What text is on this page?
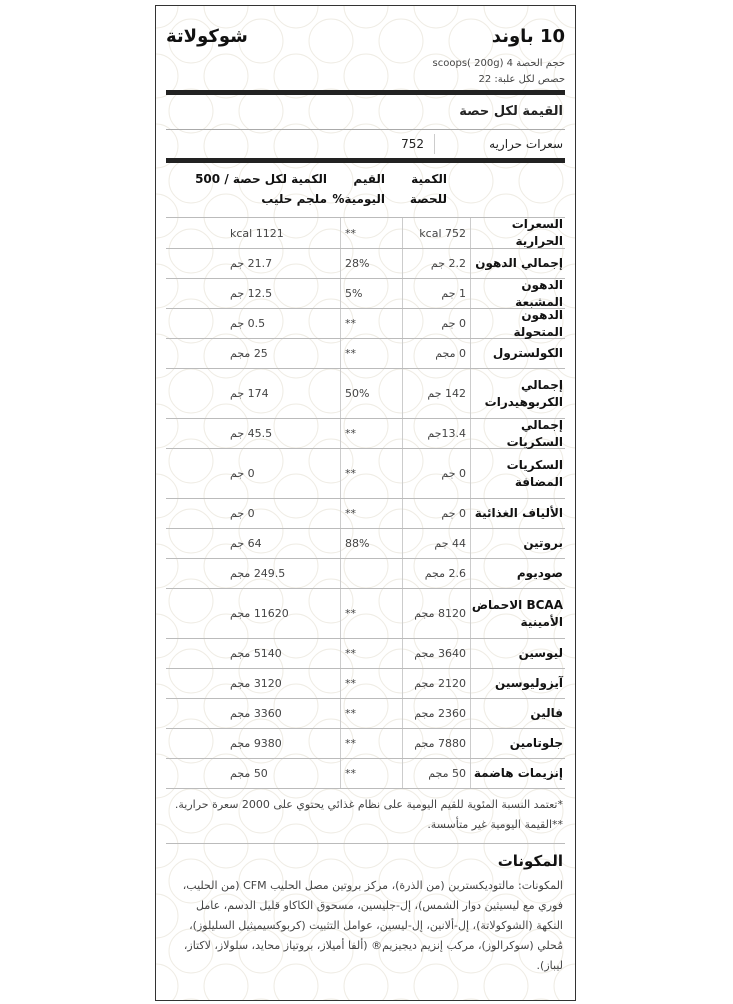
10 باوند
شوكولاتة
حجم الحصة 4 (scoops( 200g
حصص لكل علبة: 22
القيمة لكل حصة
سعرات حراريه
752
الكمية للحصة
القيم اليومية%
الكمية لكل حصة / 500 ملجم حليب
السعرات الحرارية
752 kcal
**
1121 kcal
إجمالي الدهون
2.2 جم
28%
21.7 جم
الدهون المشبعة
1 جم
5%
12.5 جم
الدهون المتحولة
0 جم
**
0.5 جم
الكولسترول
0 مجم
**
25 مجم
إجمالي الكربوهيدرات
142 جم
50%
174 جم
إجمالي السكريات
13.4جم
**
45.5 جم
السكريات المضافة
0 جم
**
0 جم
الألياف الغذائية
0 جم
**
0 جم
بروتين
44 جم
88%
64 جم
صوديوم
2.6 مجم
249.5 مجم
BCAA الاحماض الأمينية
8120 مجم
**
11620 مجم
ليوسين
3640 مجم
**
5140 مجم
آيزوليوسين
2120 مجم
**
3120 مجم
فالين
2360 مجم
**
3360 مجم
جلوتامين
7880 مجم
**
9380 مجم
إنزيمات هاضمة
50 مجم
**
50 مجم
*تعتمد النسبة المئوية للقيم اليومية على نظام غذائي يحتوي على 2000 سعرة حرارية. **القيمة اليومية غير متأسسة.
المكونات
المكونات: مالتوديكستربن (من الذرة)، مركز بروتين مصل الحليب CFM (من الحليب، فوري مع ليسيثين دوار الشمس)، إل-جليسين، مسحوق الكاكاو قليل الدسم، عامل النكهة (الشوكولاتة)، إل-ألانين، إل-ليسين، عوامل التثبيت (كربوكسيميثيل السليلوز)، مُحلي (سوكرالوز)، مركب إنزيم ديجيزيم® (ألفا أميلاز، بروتياز محايد، سلولاز، لاكتاز، ليباز).
